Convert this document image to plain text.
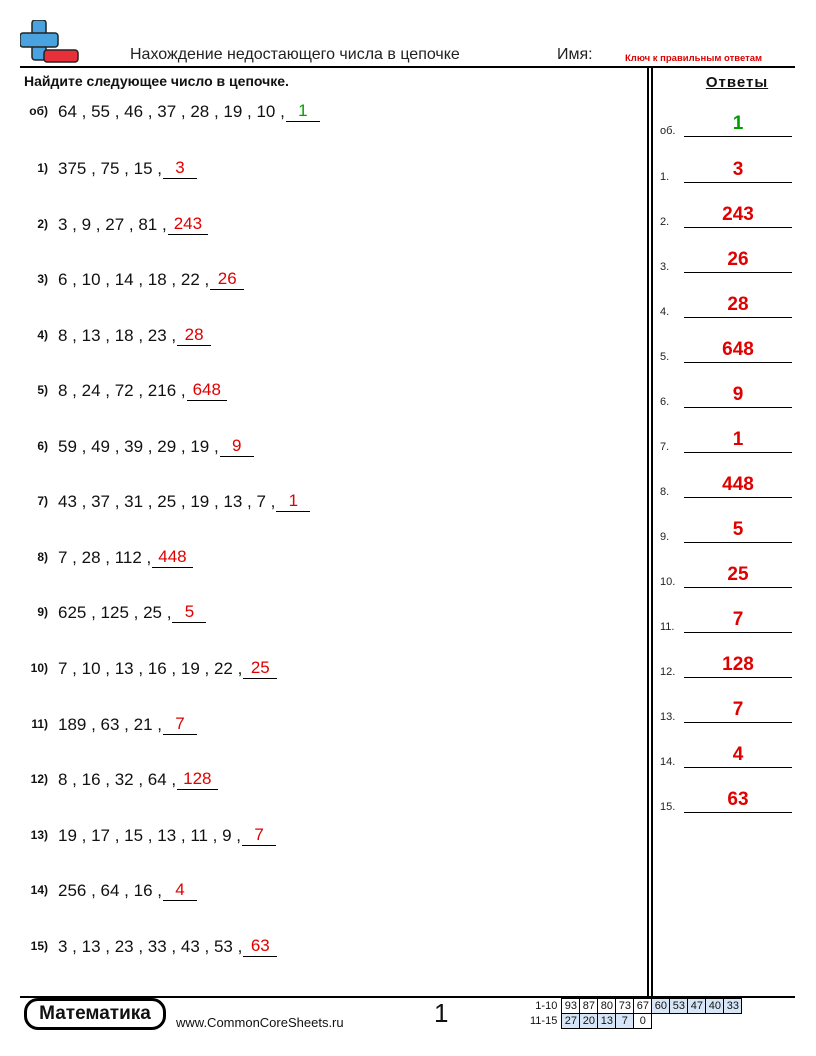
Нахождение недостающего числа в цепочке	Имя:	Ключ к правильным ответам
Найдите следующее число в цепочке.
об) 64 , 55 , 46 , 37 , 28 , 19 , 10 , 1
1) 375 , 75 , 15 , 3
2) 3 , 9 , 27 , 81 , 243
3) 6 , 10 , 14 , 18 , 22 , 26
4) 8 , 13 , 18 , 23 , 28
5) 8 , 24 , 72 , 216 , 648
6) 59 , 49 , 39 , 29 , 19 , 9
7) 43 , 37 , 31 , 25 , 19 , 13 , 7 , 1
8) 7 , 28 , 112 , 448
9) 625 , 125 , 25 , 5
10) 7 , 10 , 13 , 16 , 19 , 22 , 25
11) 189 , 63 , 21 , 7
12) 8 , 16 , 32 , 64 , 128
13) 19 , 17 , 15 , 13 , 11 , 9 , 7
14) 256 , 64 , 16 , 4
15) 3 , 13 , 23 , 33 , 43 , 53 , 63
Ответы
об.	1
1.	3
2.	243
3.	26
4.	28
5.	648
6.	9
7.	1
8.	448
9.	5
10.	25
11.	7
12.	128
13.	7
14.	4
15.	63
Математика	www.CommonCoreSheets.ru	1	1-10	93	87	80	73	67	60	53	47	40	33
11-15	27	20	13	7	0					
